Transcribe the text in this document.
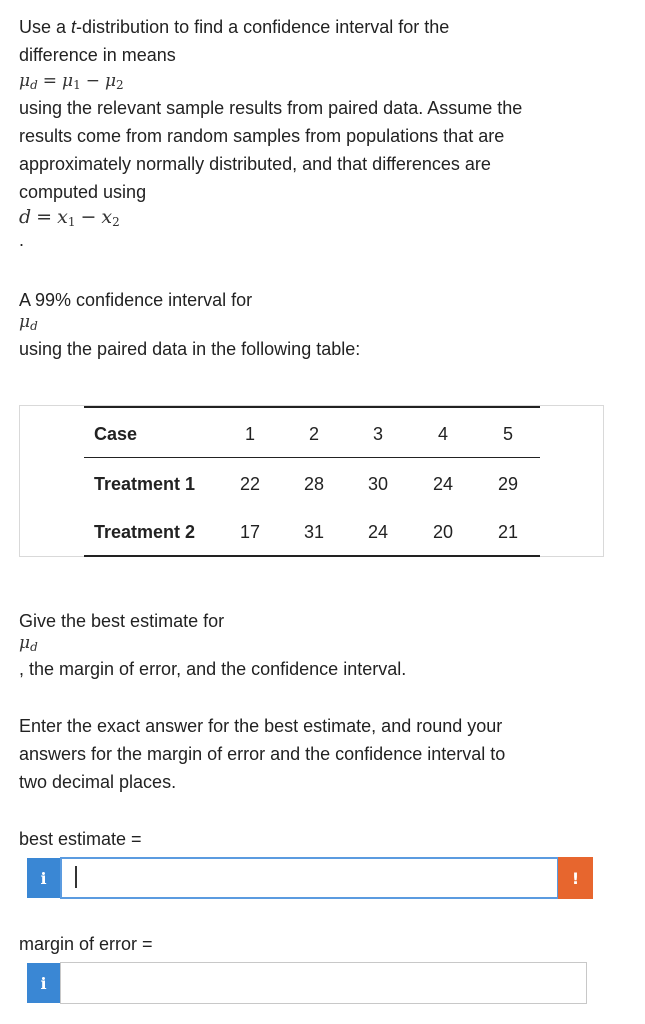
Use a t-distribution to find a confidence interval for the
difference in means
$\mu_d = \mu_1 - \mu_2$
using the relevant sample results from paired data. Assume the
results come from random samples from populations that are
approximately normally distributed, and that differences are
computed using
$d = x_1 - x_2$
.
A 99% confidence interval for
$\mu_d$
using the paired data in the following table:
Case	1	2	3	4	5
Treatment 1	22	28	30	24	29
Treatment 2	17	31	24	20	21
Give the best estimate for
$\mu_d$
, the margin of error, and the confidence interval.
Enter the exact answer for the best estimate, and round your
answers for the margin of error and the confidence interval to
two decimal places.
best estimate =
i	!
margin of error =
i
